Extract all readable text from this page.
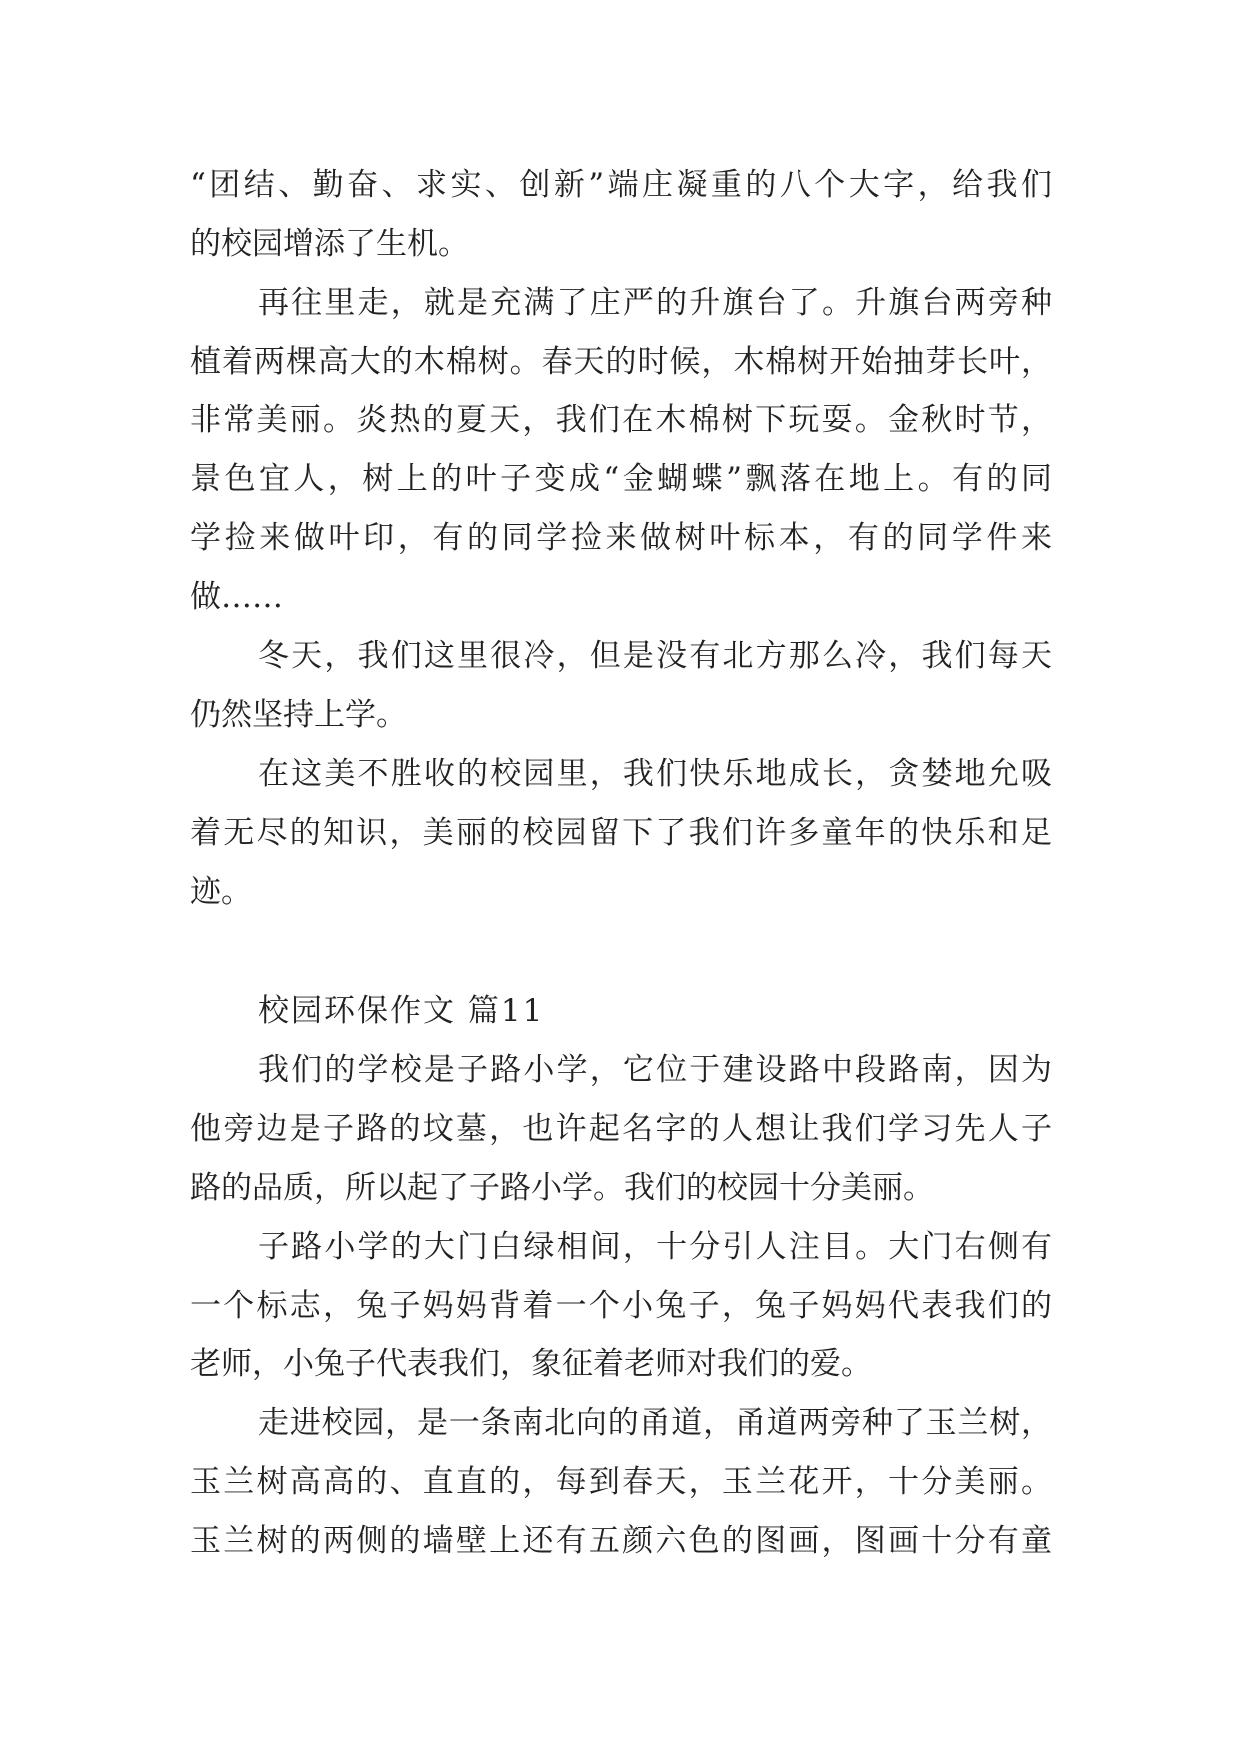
“团结、勤奋、求实、创新”端庄凝重的八个大字，给我们
的校园增添了生机。
再往里走，就是充满了庄严的升旗台了。升旗台两旁种
植着两棵高大的木棉树。春天的时候，木棉树开始抽芽长叶，
非常美丽。炎热的夏天，我们在木棉树下玩耍。金秋时节，
景色宜人，树上的叶子变成“金蝴蝶”飘落在地上。有的同
学捡来做叶印，有的同学捡来做树叶标本，有的同学件来
做……
冬天，我们这里很冷，但是没有北方那么冷，我们每天
仍然坚持上学。
在这美不胜收的校园里，我们快乐地成长，贪婪地允吸
着无尽的知识，美丽的校园留下了我们许多童年的快乐和足
迹。
校园环保作文 篇11
我们的学校是子路小学，它位于建设路中段路南，因为
他旁边是子路的坟墓，也许起名字的人想让我们学习先人子
路的品质，所以起了子路小学。我们的校园十分美丽。
子路小学的大门白绿相间，十分引人注目。大门右侧有
一个标志，兔子妈妈背着一个小兔子，兔子妈妈代表我们的
老师，小兔子代表我们，象征着老师对我们的爱。
走进校园，是一条南北向的甬道，甬道两旁种了玉兰树，
玉兰树高高的、直直的，每到春天，玉兰花开，十分美丽。
玉兰树的两侧的墙壁上还有五颜六色的图画，图画十分有童
